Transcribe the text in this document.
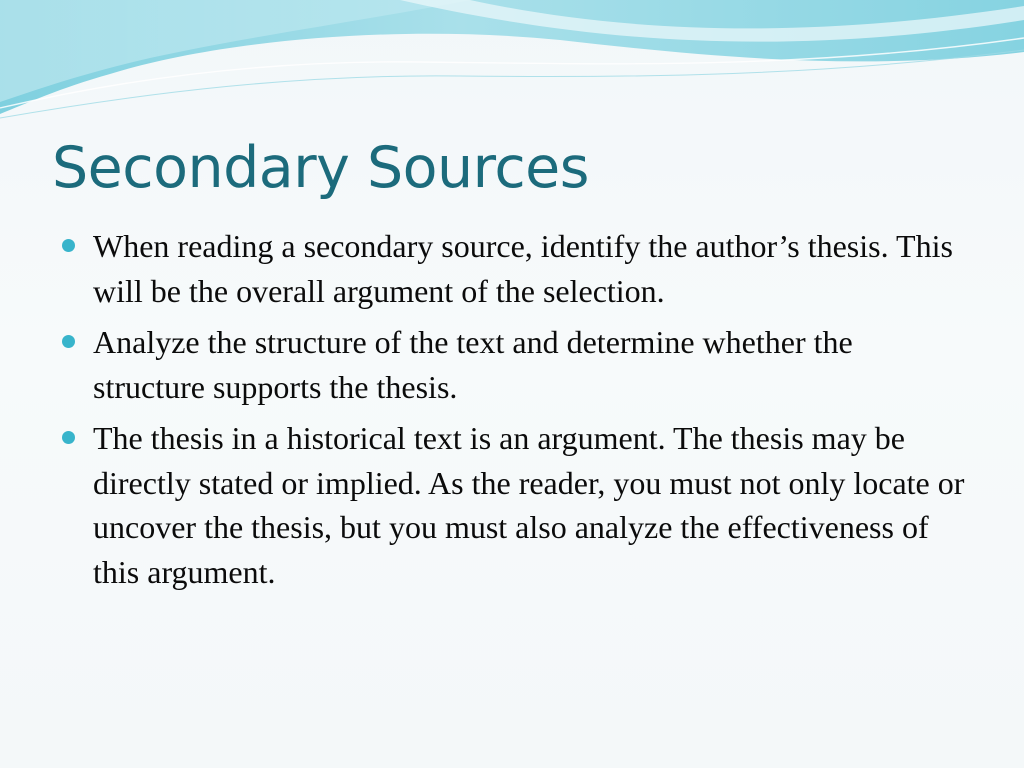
Secondary Sources
When reading a secondary source, identify the author’s thesis. This will be the overall argument of the selection.
Analyze the structure of the text and determine whether the structure supports the thesis.
The thesis in a historical text is an argument. The thesis may be directly stated or implied. As the reader, you must not only locate or uncover the thesis, but you must also analyze the effectiveness of this argument.
